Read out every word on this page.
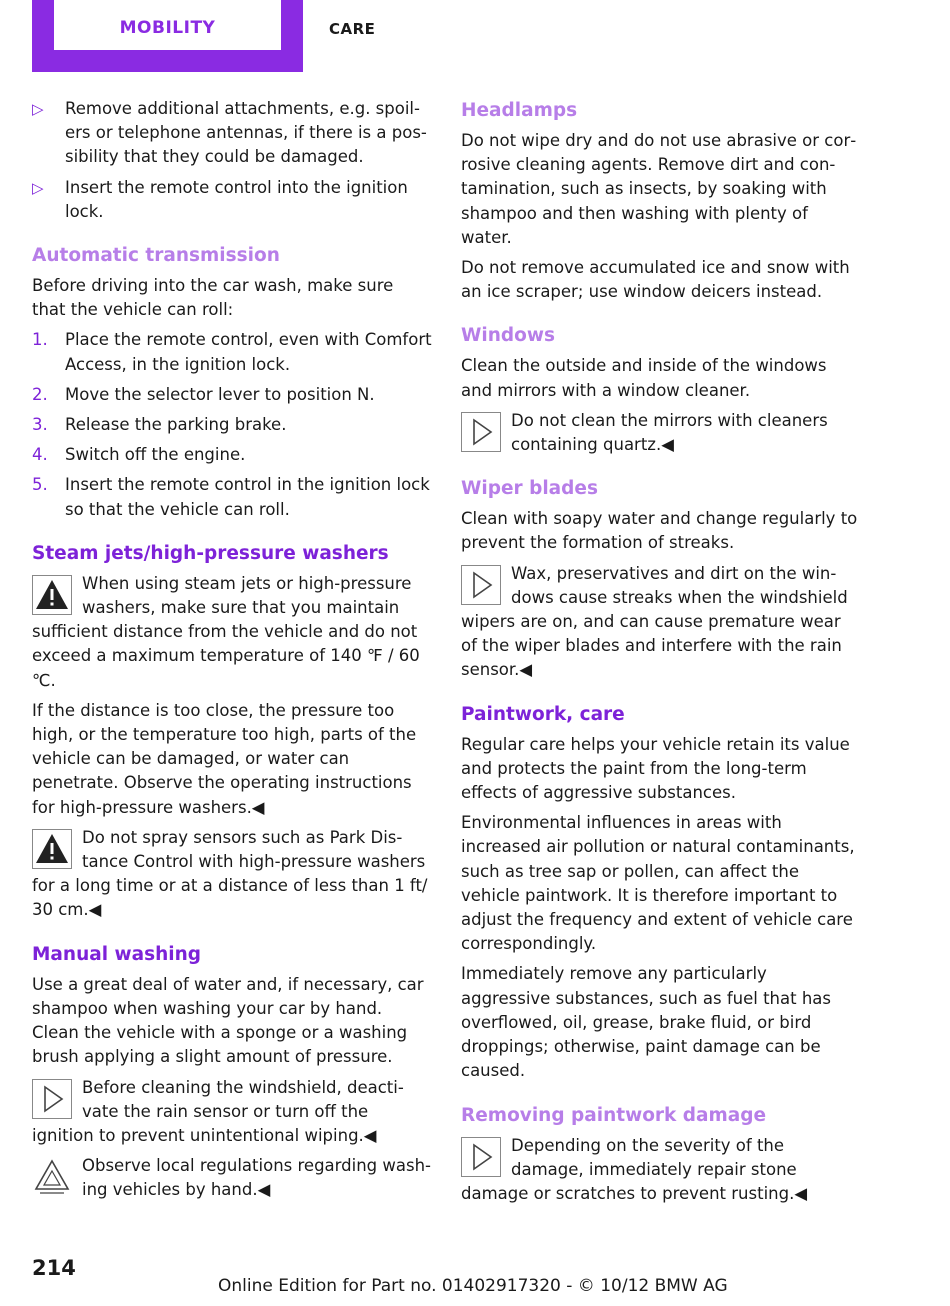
MOBILITY	CARE
▷ Remove additional attachments, e.g. spoilers or telephone antennas, if there is a possibility that they could be damaged.
▷ Insert the remote control into the ignition lock.
Automatic transmission

Before driving into the car wash, make sure that the vehicle can roll:

1. Place the remote control, even with Comfort Access, in the ignition lock.
2. Move the selector lever to position N.
3. Release the parking brake.
4. Switch off the engine.
5. Insert the remote control in the ignition lock so that the vehicle can roll.
Steam jets/high-pressure washers
When using steam jets or high-pressure washers, make sure that you maintain sufficient distance from the vehicle and do not exceed a maximum temperature of 140 ℉ / 60 ℃.

If the distance is too close, the pressure too high, or the temperature too high, parts of the vehicle can be damaged, or water can penetrate. Observe the operating instructions for high-pressure washers.◀

Do not spray sensors such as Park Distance Control with high-pressure washers for a long time or at a distance of less than 1 ft/ 30 cm.◀
Manual washing

Use a great deal of water and, if necessary, car shampoo when washing your car by hand. Clean the vehicle with a sponge or a washing brush applying a slight amount of pressure.

Before cleaning the windshield, deactivate the rain sensor or turn off the ignition to prevent unintentional wiping.◀
Observe local regulations regarding washing vehicles by hand.◀
Headlamps

Do not wipe dry and do not use abrasive or corrosive cleaning agents. Remove dirt and contamination, such as insects, by soaking with shampoo and then washing with plenty of water.

Do not remove accumulated ice and snow with an ice scraper; use window deicers instead.

Windows

Clean the outside and inside of the windows and mirrors with a window cleaner.

Do not clean the mirrors with cleaners containing quartz.◀
Wiper blades

Clean with soapy water and change regularly to prevent the formation of streaks.

Wax, preservatives and dirt on the windows cause streaks when the windshield wipers are on, and can cause premature wear of the wiper blades and interfere with the rain sensor.◀
Paintwork, care

Regular care helps your vehicle retain its value and protects the paint from the long-term effects of aggressive substances.

Environmental influences in areas with increased air pollution or natural contaminants, such as tree sap or pollen, can affect the vehicle paintwork. It is therefore important to adjust the frequency and extent of vehicle care correspondingly.

Immediately remove any particularly aggressive substances, such as fuel that has overflowed, oil, grease, brake fluid, or bird droppings; otherwise, paint damage can be caused.

Removing paintwork damage
Depending on the severity of the damage, immediately repair stone damage or scratches to prevent rusting.◀
214
Online Edition for Part no. 01402917320 - © 10/12 BMW AG
